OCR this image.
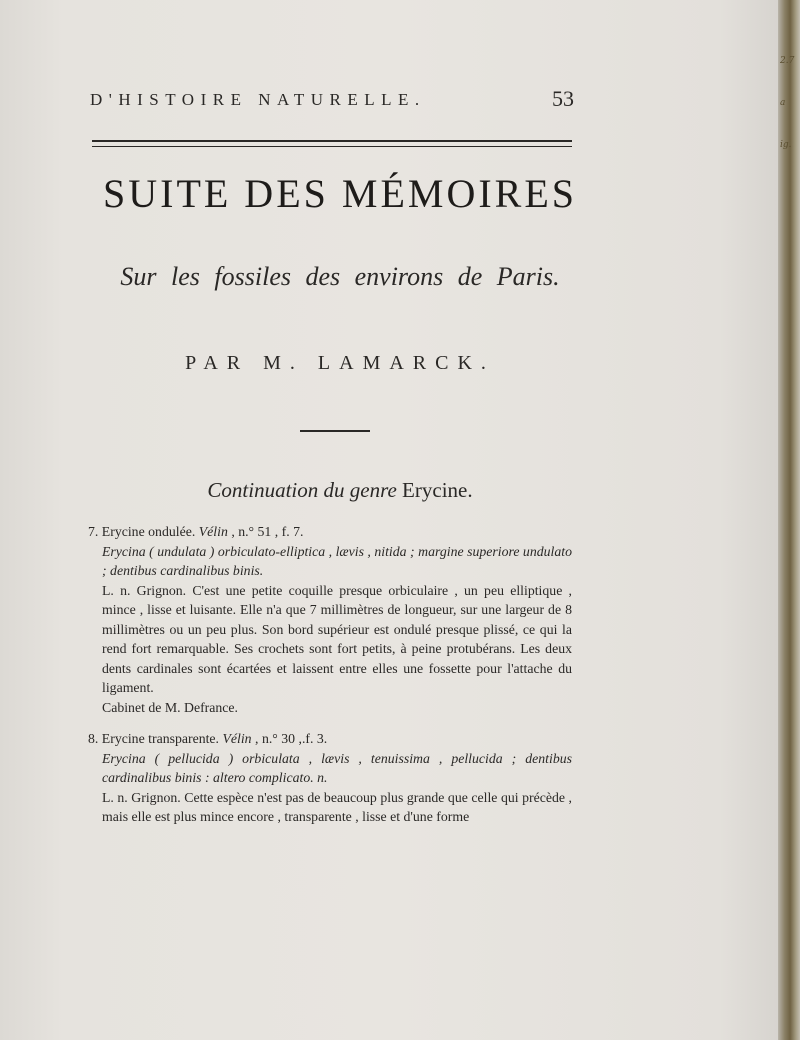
D'HISTOIRE NATURELLE.	53
SUITE DES MÉMOIRES
Sur les fossiles des environs de Paris.
PAR M. LAMARCK.
Continuation du genre Erycine.

7. Erycine ondulée. Vélin , n.° 51 , f. 7.

Erycina ( undulata ) orbiculato-elliptica , lævis , nitida ; margine superiore undulato ; dentibus cardinalibus binis.

L. n. Grignon. C'est une petite coquille presque orbiculaire , un peu elliptique , mince , lisse et luisante. Elle n'a que 7 millimètres de longueur, sur une largeur de 8 millimètres ou un peu plus. Son bord supérieur est ondulé presque plissé, ce qui la rend fort remarquable. Ses crochets sont fort petits, à peine protubérans. Les deux dents cardinales sont écartées et laissent entre elles une fossette pour l'attache du ligament.

Cabinet de M. Defrance.

8. Erycine transparente. Vélin , n.° 30 ,.f. 3.

Erycina ( pellucida ) orbiculata , lævis , tenuissima , pellucida ; dentibus cardinalibus binis : altero complicato. n.

L. n. Grignon. Cette espèce n'est pas de beaucoup plus grande que celle qui précède , mais elle est plus mince encore , transparente , lisse et d'une forme

2.7
a
ig.
